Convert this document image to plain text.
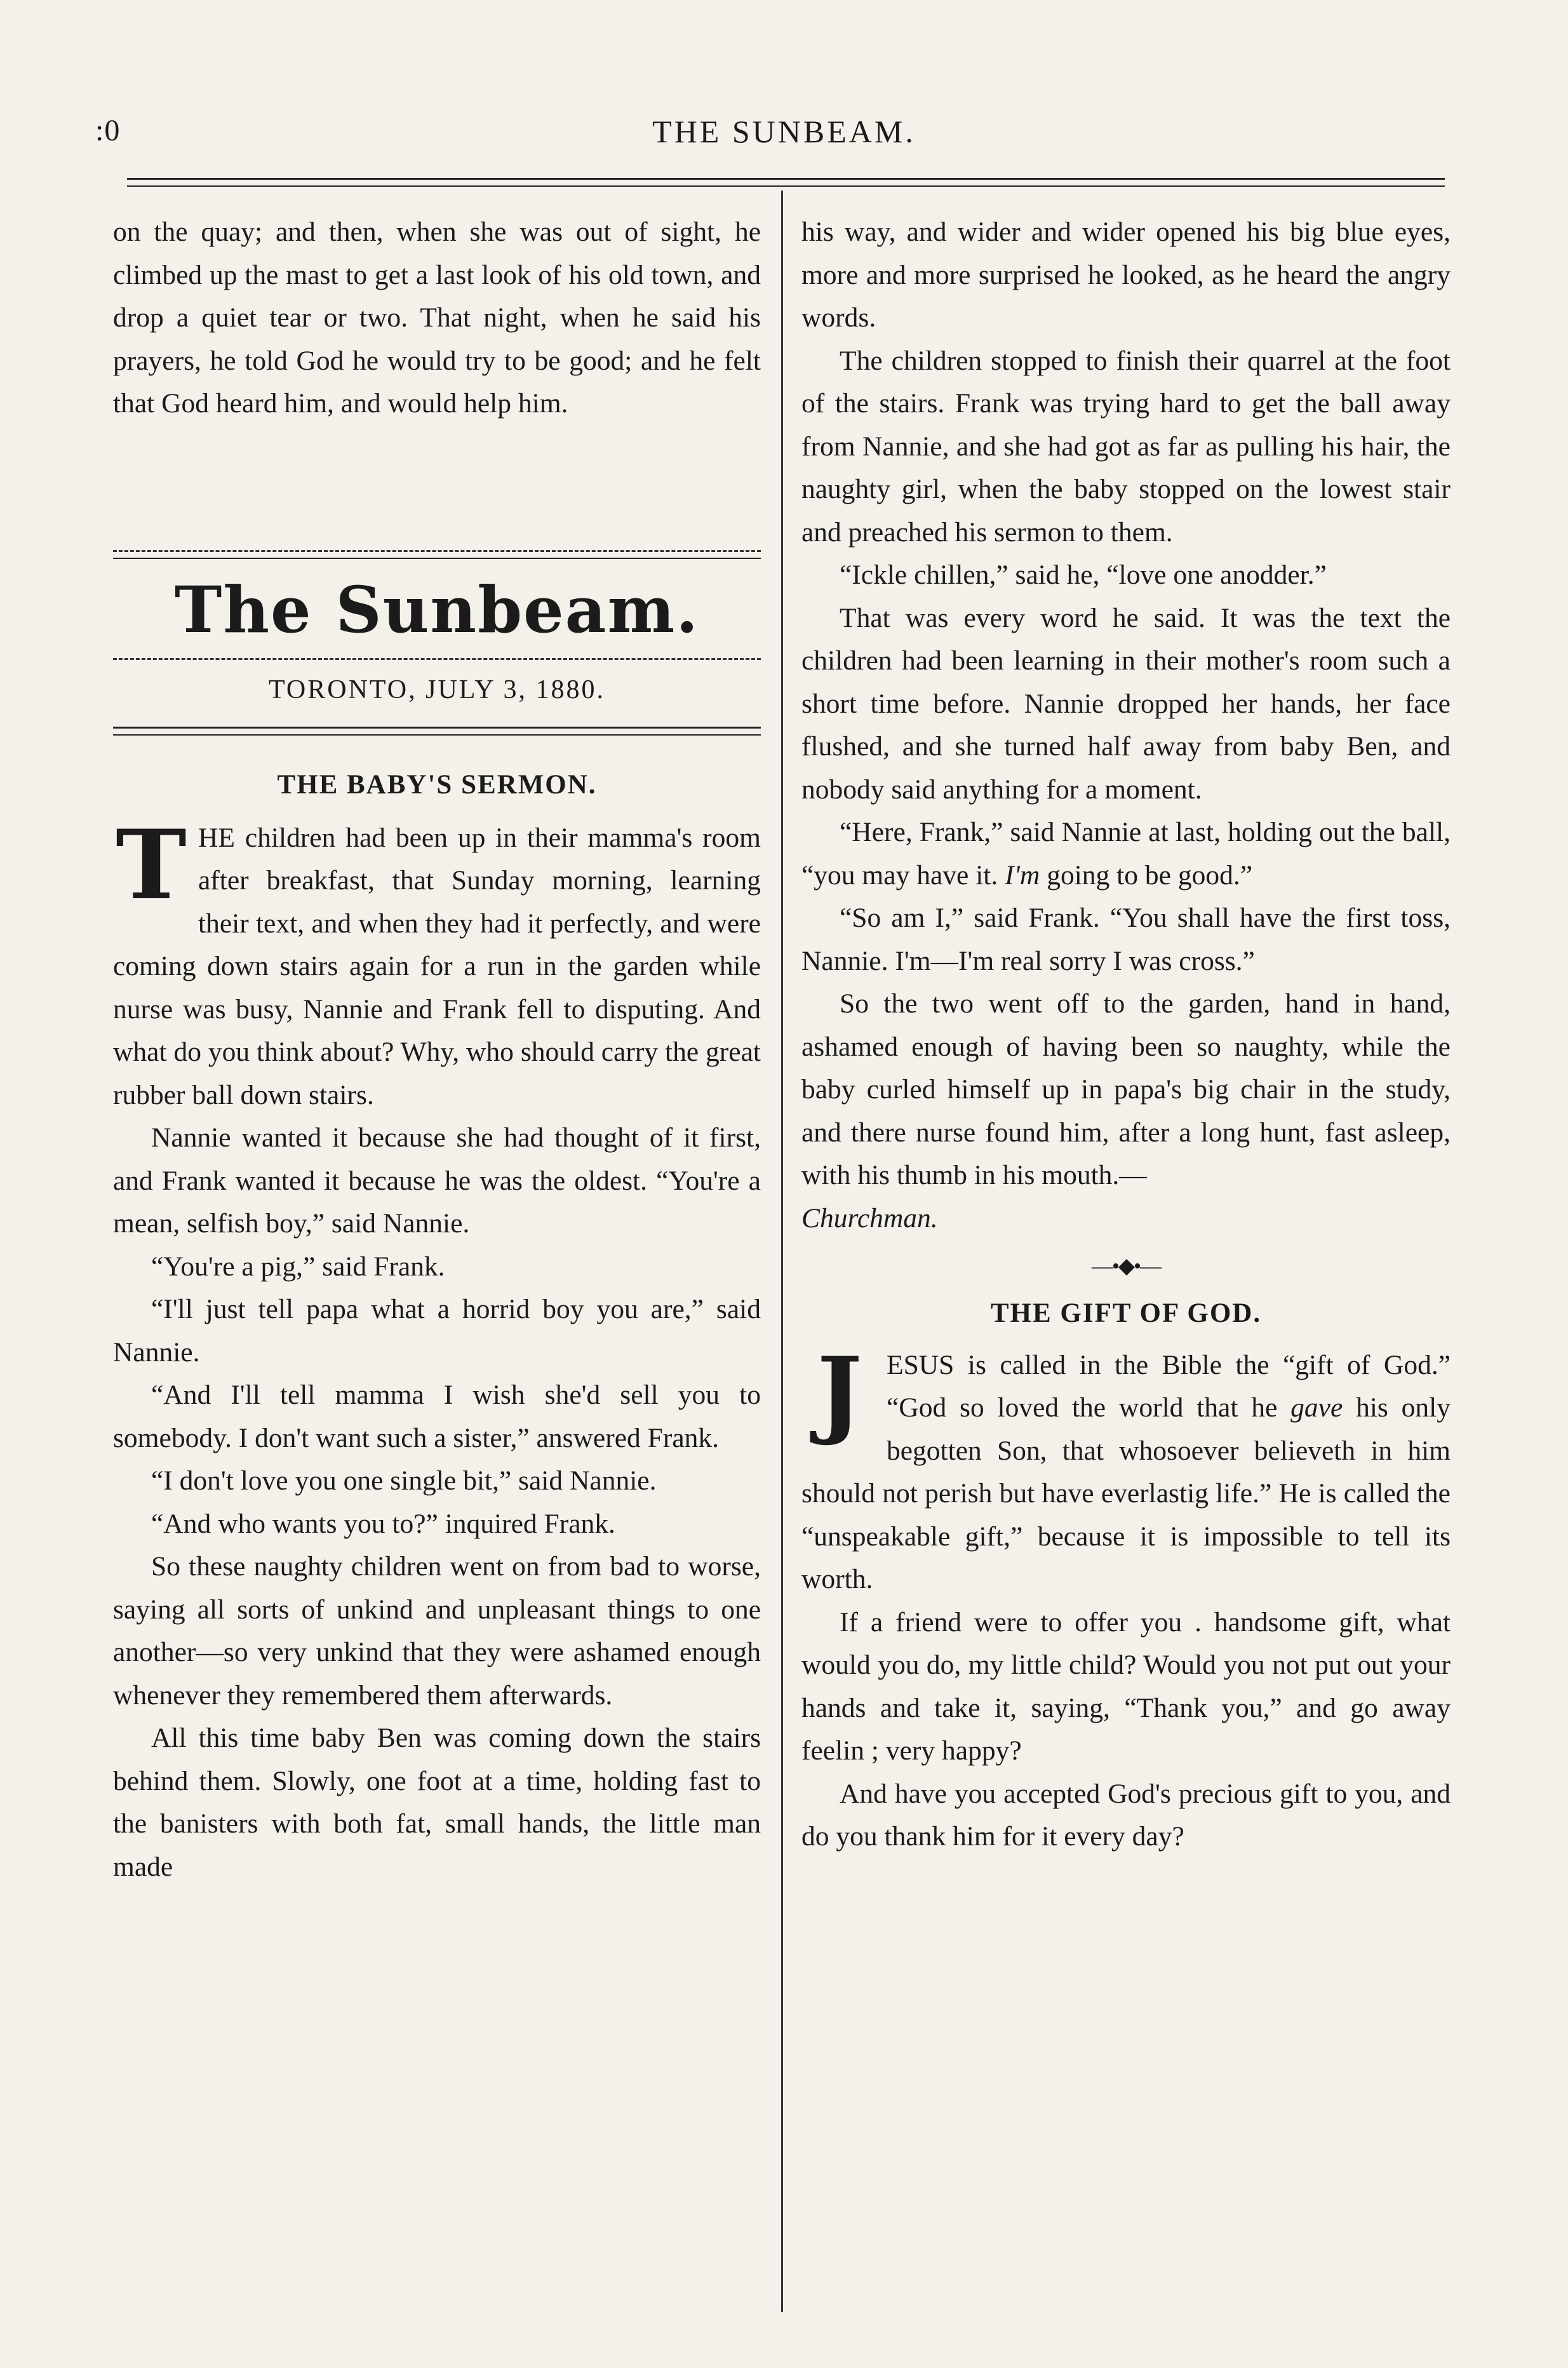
:0	THE SUNBEAM.

on the quay; and then, when she was out of sight, he climbed up the mast to get a last look of his old town, and drop a quiet tear or two. That night, when he said his prayers, he told God he would try to be good; and he felt that God heard him, and would help him.

The Sunbeam.
TORONTO, JULY 3, 1880.
THE BABY'S SERMON.

THE children had been up in their mamma's room after breakfast, that Sunday morning, learning their text, and when they had it perfectly, and were coming down stairs again for a run in the garden while nurse was busy, Nannie and Frank fell to disputing. And what do you think about? Why, who should carry the great rubber ball down stairs.

Nannie wanted it because she had thought of it first, and Frank wanted it because he was the oldest. “You're a mean, selfish boy,” said Nannie.

“You're a pig,” said Frank.

“I'll just tell papa what a horrid boy you are,” said Nannie.

“And I'll tell mamma I wish she'd sell you to somebody. I don't want such a sister,” answered Frank.

“I don't love you one single bit,” said Nannie.

“And who wants you to?” inquired Frank.

So these naughty children went on from bad to worse, saying all sorts of unkind and unpleasant things to one another—so very unkind that they were ashamed enough whenever they remembered them afterwards.

All this time baby Ben was coming down the stairs behind them. Slowly, one foot at a time, holding fast to the banisters with both fat, small hands, the little man made

his way, and wider and wider opened his big blue eyes, more and more surprised he looked, as he heard the angry words.

The children stopped to finish their quarrel at the foot of the stairs. Frank was trying hard to get the ball away from Nannie, and she had got as far as pulling his hair, the naughty girl, when the baby stopped on the lowest stair and preached his sermon to them.

“Ickle chillen,” said he, “love one anodder.”

That was every word he said. It was the text the children had been learning in their mother's room such a short time before. Nannie dropped her hands, her face flushed, and she turned half away from baby Ben, and nobody said anything for a moment.

“Here, Frank,” said Nannie at last, holding out the ball, “you may have it. I'm going to be good.”

“So am I,” said Frank. “You shall have the first toss, Nannie. I'm—I'm real sorry I was cross.”

So the two went off to the garden, hand in hand, ashamed enough of having been so naughty, while the baby curled himself up in papa's big chair in the study, and there nurse found him, after a long hunt, fast asleep, with his thumb in his mouth.—

Churchman.

—•◆•—
THE GIFT OF GOD.

JESUS is called in the Bible the “gift of God.” “God so loved the world that he gave his only begotten Son, that whosoever believeth in him should not perish but have everlastig life.” He is called the “unspeakable gift,” because it is impossible to tell its worth.

If a friend were to offer you . handsome gift, what would you do, my little child? Would you not put out your hands and take it, saying, “Thank you,” and go away feelin ; very happy?

And have you accepted God's precious gift to you, and do you thank him for it every day?
